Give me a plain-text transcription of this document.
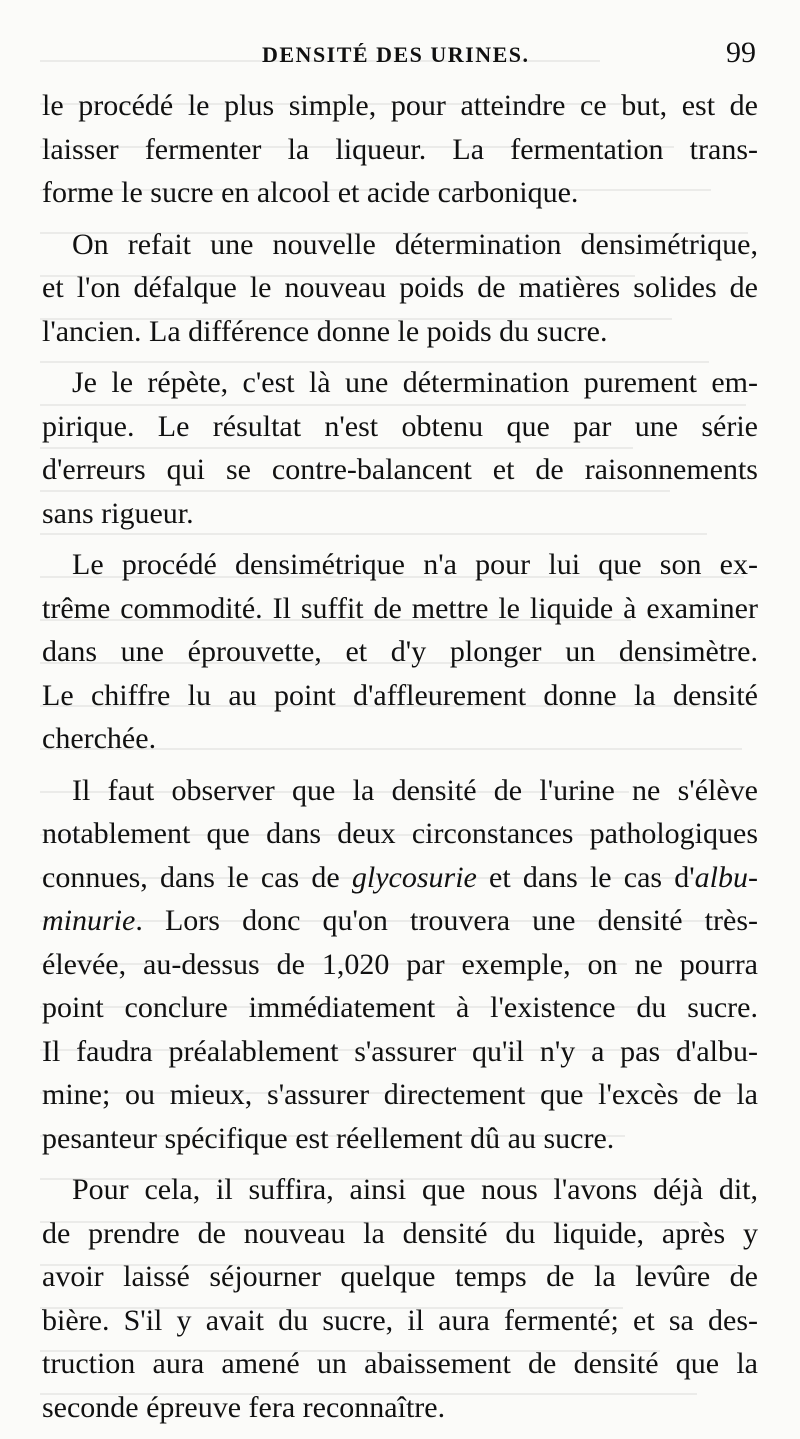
DENSITÉ DES URINES.	99

le procédé le plus simple, pour atteindre ce but, est de
laisser fermenter la liqueur. La fermentation trans-
forme le sucre en alcool et acide carbonique.

On refait une nouvelle détermination densimétrique,
et l'on défalque le nouveau poids de matières solides de
l'ancien. La différence donne le poids du sucre.

Je le répète, c'est là une détermination purement em-
pirique. Le résultat n'est obtenu que par une série
d'erreurs qui se contre-balancent et de raisonnements
sans rigueur.

Le procédé densimétrique n'a pour lui que son ex-
trême commodité. Il suffit de mettre le liquide à examiner
dans une éprouvette, et d'y plonger un densimètre.
Le chiffre lu au point d'affleurement donne la densité
cherchée.

Il faut observer que la densité de l'urine ne s'élève
notablement que dans deux circonstances pathologiques
connues, dans le cas de glycosurie et dans le cas d'albu-
minurie. Lors donc qu'on trouvera une densité très-
élevée, au-dessus de 1,020 par exemple, on ne pourra
point conclure immédiatement à l'existence du sucre.
Il faudra préalablement s'assurer qu'il n'y a pas d'albu-
mine; ou mieux, s'assurer directement que l'excès de la
pesanteur spécifique est réellement dû au sucre.

Pour cela, il suffira, ainsi que nous l'avons déjà dit,
de prendre de nouveau la densité du liquide, après y
avoir laissé séjourner quelque temps de la levûre de
bière. S'il y avait du sucre, il aura fermenté; et sa des-
truction aura amené un abaissement de densité que la
seconde épreuve fera reconnaître.
